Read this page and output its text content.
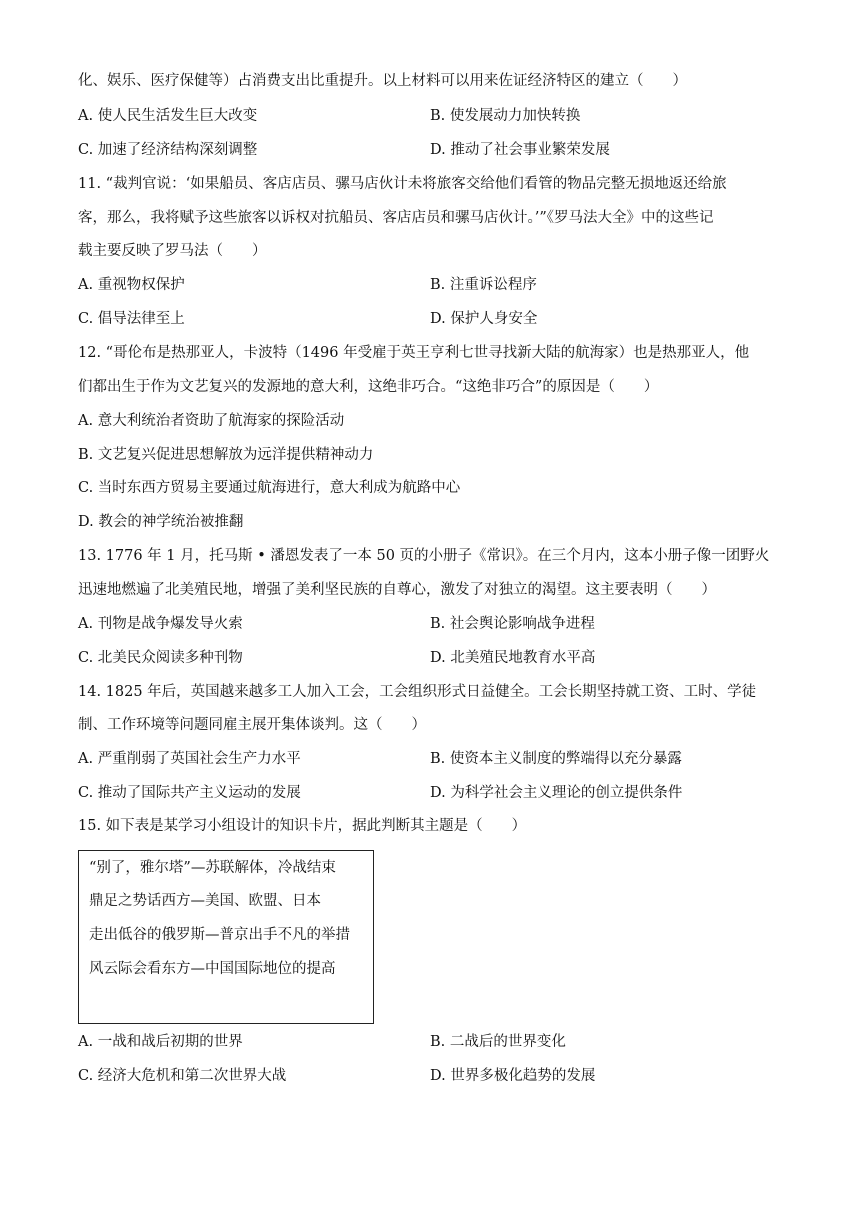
化、娱乐、医疗保健等）占消费支出比重提升。以上材料可以用来佐证经济特区的建立（　　）
A. 使人民生活发生巨大改变	B. 使发展动力加快转换
C. 加速了经济结构深刻调整	D. 推动了社会事业繁荣发展
11. “裁判官说：‘如果船员、客店店员、骡马店伙计未将旅客交给他们看管的物品完整无损地返还给旅
客，那么，我将赋予这些旅客以诉权对抗船员、客店店员和骡马店伙计。’”《罗马法大全》中的这些记
载主要反映了罗马法（　　）
A. 重视物权保护	B. 注重诉讼程序
C. 倡导法律至上	D. 保护人身安全
12. “哥伦布是热那亚人，卡波特（1496 年受雇于英王亨利七世寻找新大陆的航海家）也是热那亚人，他
们都出生于作为文艺复兴的发源地的意大利，这绝非巧合。“这绝非巧合”的原因是（　　）
A. 意大利统治者资助了航海家的探险活动
B. 文艺复兴促进思想解放为远洋提供精神动力
C. 当时东西方贸易主要通过航海进行，意大利成为航路中心
D. 教会的神学统治被推翻
13. 1776 年 1 月，托马斯 • 潘恩发表了一本 50 页的小册子《常识》。在三个月内，这本小册子像一团野火
迅速地燃遍了北美殖民地，增强了美利坚民族的自尊心，激发了对独立的渴望。这主要表明（　　）
A. 刊物是战争爆发导火索	B. 社会舆论影响战争进程
C. 北美民众阅读多种刊物	D. 北美殖民地教育水平高
14. 1825 年后，英国越来越多工人加入工会，工会组织形式日益健全。工会长期坚持就工资、工时、学徒
制、工作环境等问题同雇主展开集体谈判。这（　　）
A. 严重削弱了英国社会生产力水平	B. 使资本主义制度的弊端得以充分暴露
C. 推动了国际共产主义运动的发展	D. 为科学社会主义理论的创立提供条件
15. 如下表是某学习小组设计的知识卡片，据此判断其主题是（　　）
“别了，雅尔塔”—苏联解体，冷战结束
鼎足之势话西方—美国、欧盟、日本
走出低谷的俄罗斯—普京出手不凡的举措
风云际会看东方—中国国际地位的提高
A. 一战和战后初期的世界	B. 二战后的世界变化
C. 经济大危机和第二次世界大战	D. 世界多极化趋势的发展
